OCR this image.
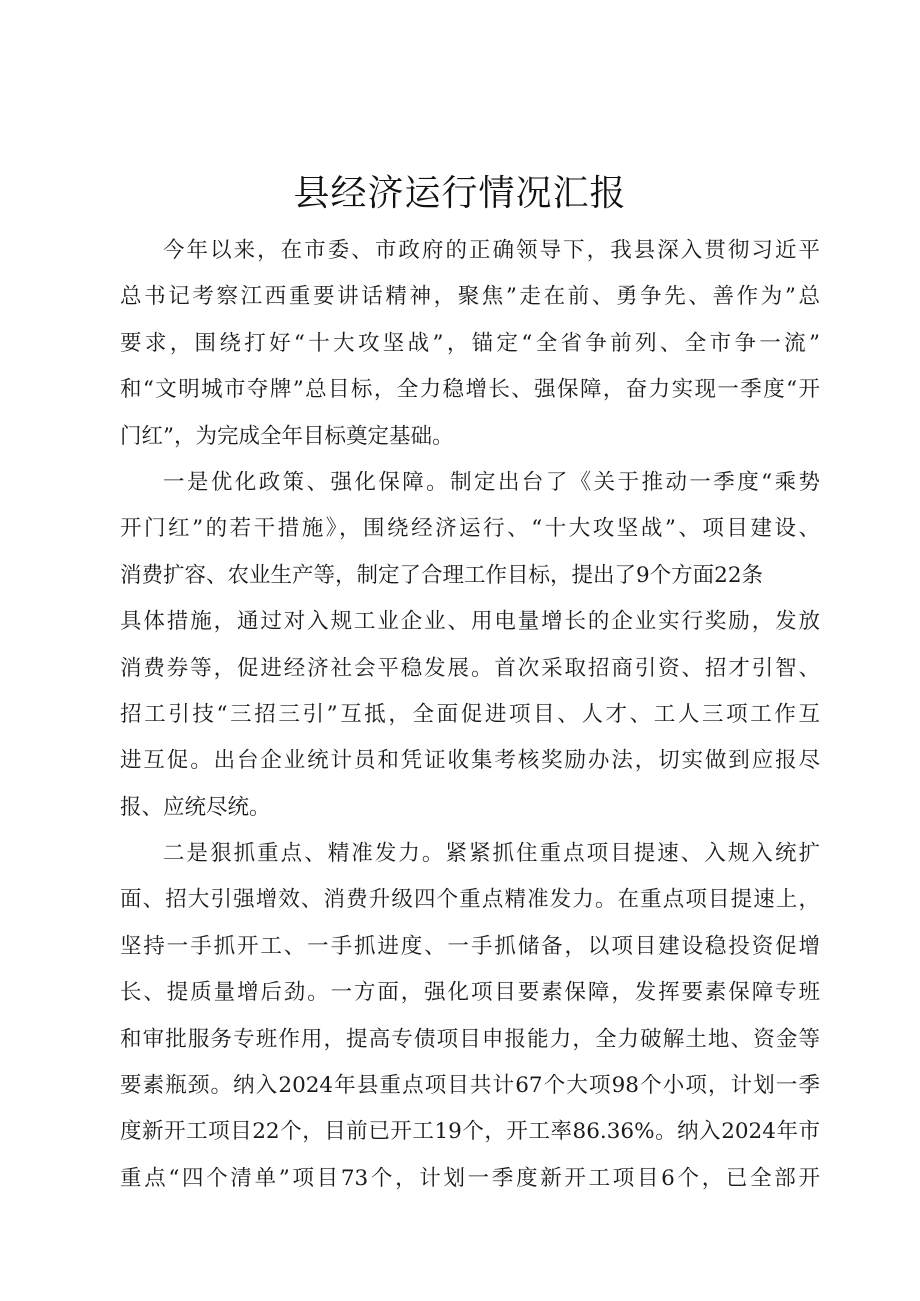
县经济运行情况汇报
今年以来，在市委、市政府的正确领导下，我县深入贯彻习近平
总书记考察江西重要讲话精神，聚焦”走在前、勇争先、善作为”总
要求，围绕打好“十大攻坚战”，锚定“全省争前列、全市争一流”
和“文明城市夺牌”总目标，全力稳增长、强保障，奋力实现一季度“开
门红”，为完成全年目标奠定基础。
一是优化政策、强化保障。制定出台了《关于推动一季度“乘势
开门红”的若干措施》，围绕经济运行、“十大攻坚战”、项目建设、
消费扩容、农业生产等，制定了合理工作目标，提出了9个方面22条
具体措施，通过对入规工业企业、用电量增长的企业实行奖励，发放
消费券等，促进经济社会平稳发展。首次采取招商引资、招才引智、
招工引技“三招三引”互抵，全面促进项目、人才、工人三项工作互
进互促。出台企业统计员和凭证收集考核奖励办法，切实做到应报尽
报、应统尽统。
二是狠抓重点、精准发力。紧紧抓住重点项目提速、入规入统扩
面、招大引强增效、消费升级四个重点精准发力。在重点项目提速上，
坚持一手抓开工、一手抓进度、一手抓储备，以项目建设稳投资促增
长、提质量增后劲。一方面，强化项目要素保障，发挥要素保障专班
和审批服务专班作用，提高专债项目申报能力，全力破解土地、资金等
要素瓶颈。纳入2024年县重点项目共计67个大项98个小项，计划一季
度新开工项目22个，目前已开工19个，开工率86.36%。纳入2024年市
重点“四个清单”项目73个，计划一季度新开工项目6个，已全部开
